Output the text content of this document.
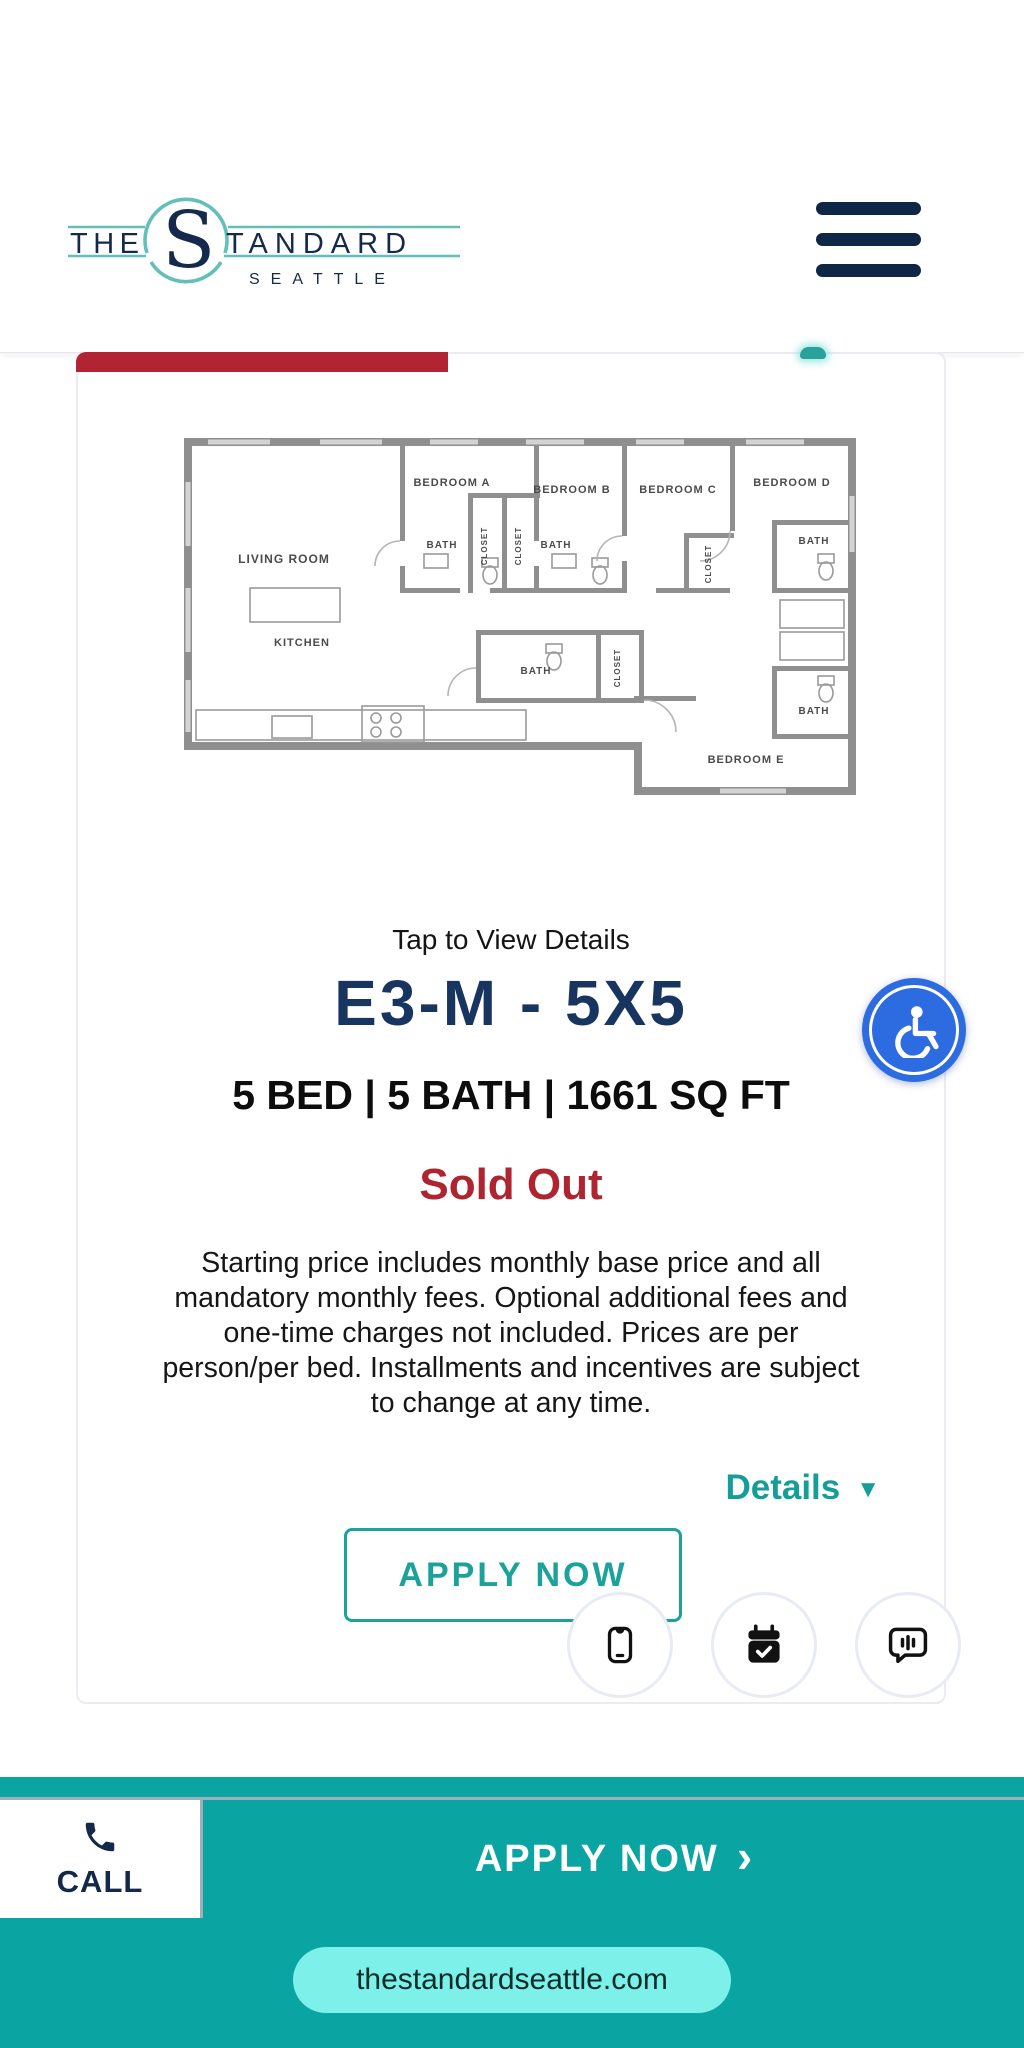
THE S TANDARD
SEATTLE
LIVING ROOM
KITCHEN
BEDROOM A
BEDROOM B	BEDROOM C
BEDROOM D
BEDROOM E
BATH	BATH	BATH
BATH
BATH
CLOSET	CLOSET	CLOSET
CLOSET
Tap to View Details
E3-M - 5X5
5 BED | 5 BATH | 1661 SQ FT
Sold Out
Starting price includes monthly base price and all mandatory monthly fees. Optional additional fees and one-time charges not included. Prices are per person/per bed. Installments and incentives are subject to change at any time.
Details ▼
APPLY NOW
CALL
APPLY NOW ›
thestandardseattle.com
